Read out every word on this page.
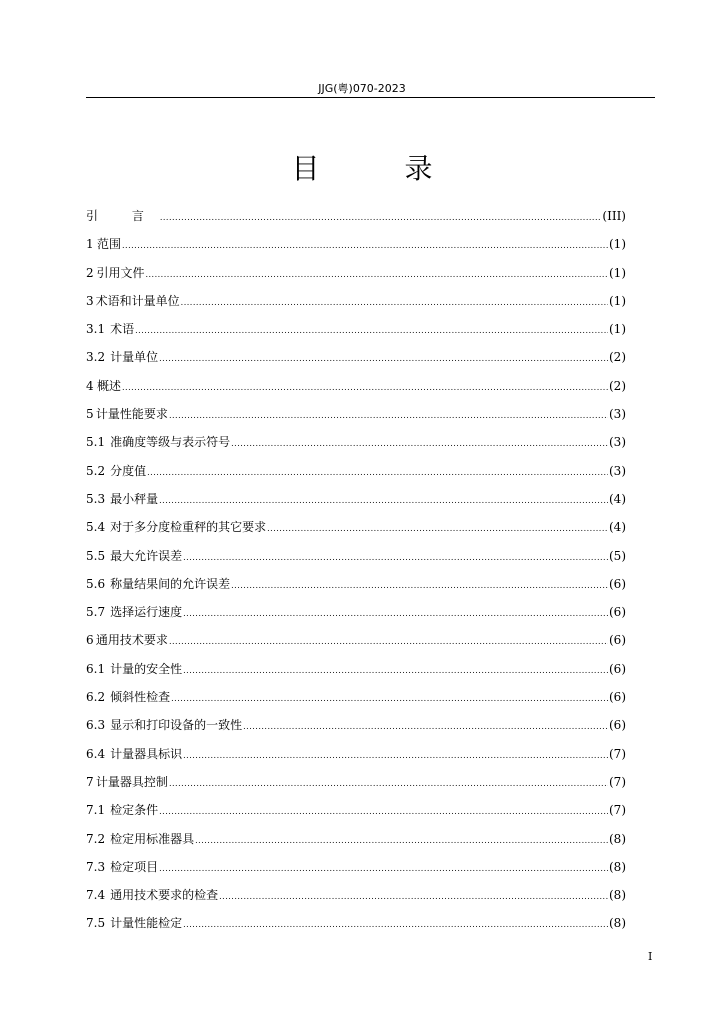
JJG(粤)070-2023
目 录
引 言 .....	(III)
1 范围 .....	(1)
2 引用文件 .....	(1)
3 术语和计量单位 .....	(1)
3.1 术语 .....	(1)
3.2 计量单位 .....	(2)
4 概述 .....	(2)
5 计量性能要求 .....	(3)
5.1 准确度等级与表示符号 .....	(3)
5.2 分度值 .....	(3)
5.3 最小秤量 .....	(4)
5.4 对于多分度检重秤的其它要求 .....	(4)
5.5 最大允许误差 .....	(5)
5.6 称量结果间的允许误差 .....	(6)
5.7 选择运行速度 .....	(6)
6 通用技术要求 .....	(6)
6.1 计量的安全性 .....	(6)
6.2 倾斜性检查 .....	(6)
6.3 显示和打印设备的一致性 .....	(6)
6.4 计量器具标识 .....	(7)
7 计量器具控制 .....	(7)
7.1 检定条件 .....	(7)
7.2 检定用标准器具 .....	(8)
7.3 检定项目 .....	(8)
7.4 通用技术要求的检查 .....	(8)
7.5 计量性能检定 .....	(8)
I
